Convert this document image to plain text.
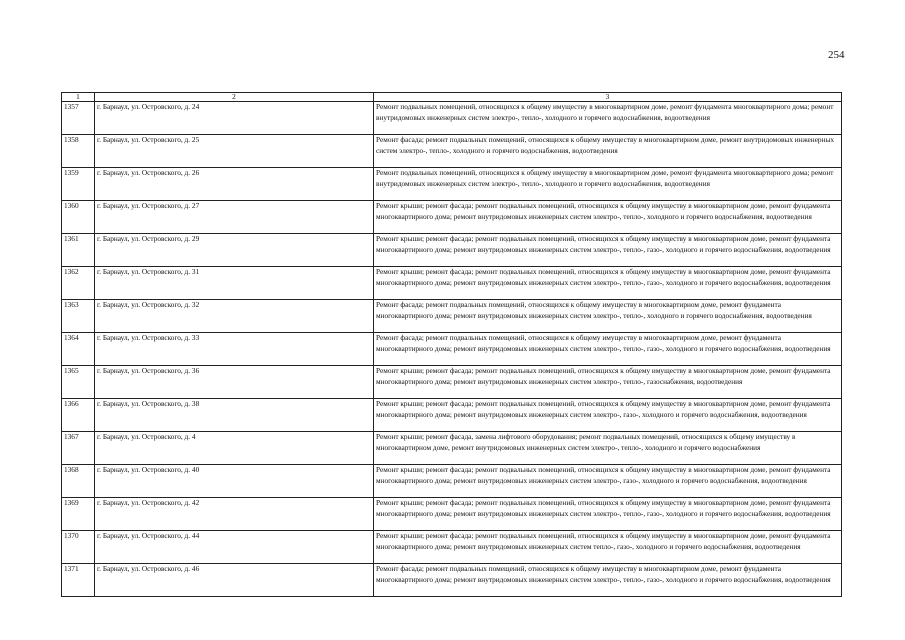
254
1	2	3
1357	г. Барнаул, ул. Островского, д. 24	Ремонт подвальных помещений, относящихся к общему имуществу в многоквартирном доме, ремонт фундамента многоквартирного дома; ремонт внутридомовых инженерных систем электро-, тепло-, холодного и горячего водоснабжения, водоотведения
1358	г. Барнаул, ул. Островского, д. 25	Ремонт фасада; ремонт подвальных помещений, относящихся к общему имуществу в многоквартирном доме, ремонт внутридомовых инженерных систем электро-, тепло-, холодного и горячего водоснабжения, водоотведения
1359	г. Барнаул, ул. Островского, д. 26	Ремонт подвальных помещений, относящихся к общему имуществу в многоквартирном доме, ремонт фундамента многоквартирного дома; ремонт внутридомовых инженерных систем электро-, тепло-, холодного и горячего водоснабжения, водоотведения
1360	г. Барнаул, ул. Островского, д. 27	Ремонт крыши; ремонт фасада; ремонт подвальных помещений, относящихся к общему имуществу в многоквартирном доме, ремонт фундамента многоквартирного дома; ремонт внутридомовых инженерных систем электро-, тепло-, холодного и горячего водоснабжения, водоотведения
1361	г. Барнаул, ул. Островского, д. 29	Ремонт крыши; ремонт фасада; ремонт подвальных помещений, относящихся к общему имуществу в многоквартирном доме, ремонт фундамента многоквартирного дома; ремонт внутридомовых инженерных систем электро-, тепло-, газо-, холодного и горячего водоснабжения, водоотведения
1362	г. Барнаул, ул. Островского, д. 31	Ремонт крыши; ремонт фасада; ремонт подвальных помещений, относящихся к общему имуществу в многоквартирном доме, ремонт фундамента многоквартирного дома; ремонт внутридомовых инженерных систем электро-, тепло-, газо-, холодного и горячего водоснабжения, водоотведения
1363	г. Барнаул, ул. Островского, д. 32	Ремонт фасада; ремонт подвальных помещений, относящихся к общему имуществу в многоквартирном доме, ремонт фундамента многоквартирного дома; ремонт внутридомовых инженерных систем электро-, тепло-, холодного и горячего водоснабжения, водоотведения
1364	г. Барнаул, ул. Островского, д. 33	Ремонт фасада; ремонт подвальных помещений, относящихся к общему имуществу в многоквартирном доме, ремонт фундамента многоквартирного дома; ремонт внутридомовых инженерных систем электро-, тепло-, газо-, холодного и горячего водоснабжения, водоотведения
1365	г. Барнаул, ул. Островского, д. 36	Ремонт крыши; ремонт фасада; ремонт подвальных помещений, относящихся к общему имуществу в многоквартирном доме, ремонт фундамента многоквартирного дома; ремонт внутридомовых инженерных систем электро-, тепло-, газоснабжения, водоотведения
1366	г. Барнаул, ул. Островского, д. 38	Ремонт крыши; ремонт фасада; ремонт подвальных помещений, относящихся к общему имуществу в многоквартирном доме, ремонт фундамента многоквартирного дома; ремонт внутридомовых инженерных систем электро-, газо-, холодного и горячего водоснабжения, водоотведения
1367	г. Барнаул, ул. Островского, д. 4	Ремонт крыши; ремонт фасада, замена лифтового оборудования; ремонт подвальных помещений, относящихся к общему имуществу в многоквартирном доме, ремонт внутридомовых инженерных систем электро-, тепло-, холодного и горячего водоснабжения
1368	г. Барнаул, ул. Островского, д. 40	Ремонт крыши; ремонт фасада; ремонт подвальных помещений, относящихся к общему имуществу в многоквартирном доме, ремонт фундамента многоквартирного дома; ремонт внутридомовых инженерных систем электро-, газо-, холодного и горячего водоснабжения, водоотведения
1369	г. Барнаул, ул. Островского, д. 42	Ремонт крыши; ремонт фасада; ремонт подвальных помещений, относящихся к общему имуществу в многоквартирном доме, ремонт фундамента многоквартирного дома; ремонт внутридомовых инженерных систем электро-, тепло-, газо-, холодного и горячего водоснабжения, водоотведения
1370	г. Барнаул, ул. Островского, д. 44	Ремонт крыши; ремонт фасада; ремонт подвальных помещений, относящихся к общему имуществу в многоквартирном доме, ремонт фундамента многоквартирного дома; ремонт внутридомовых инженерных систем тепло-, газо-, холодного и горячего водоснабжения, водоотведения
1371	г. Барнаул, ул. Островского, д. 46	Ремонт фасада; ремонт подвальных помещений, относящихся к общему имуществу в многоквартирном доме, ремонт фундамента многоквартирного дома; ремонт внутридомовых инженерных систем электро-, тепло-, газо-, холодного и горячего водоснабжения, водоотведения
